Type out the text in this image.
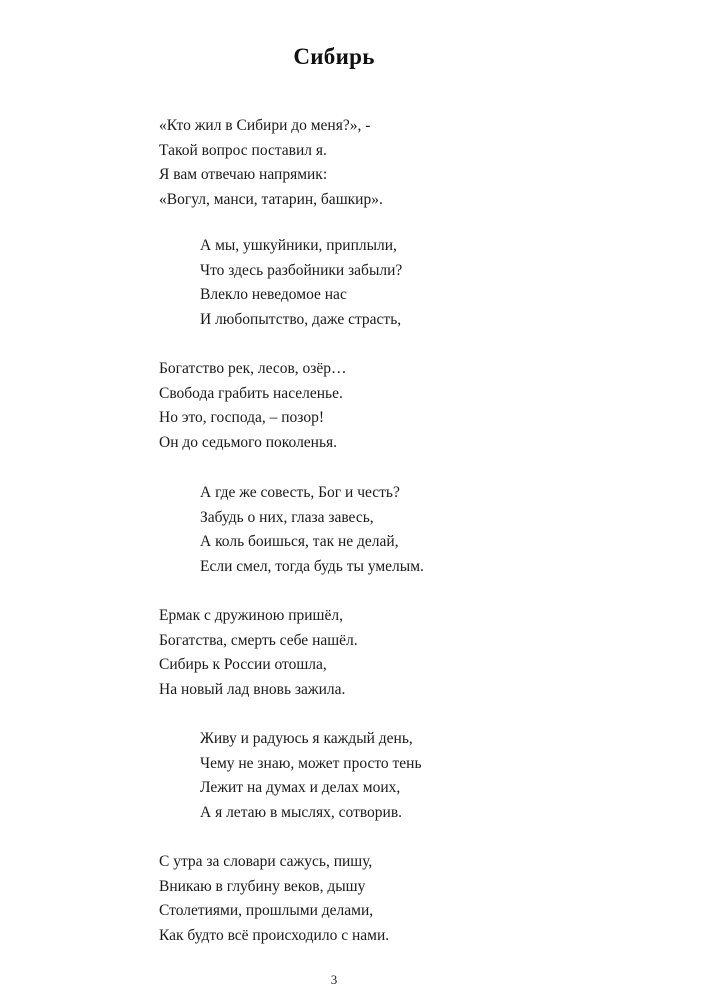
Сибирь
«Кто жил в Сибири до меня?», -
Такой вопрос поставил я.
Я вам отвечаю напрямик:
«Вогул, манси, татарин, башкир».
А мы, ушкуйники, приплыли,
Что здесь разбойники забыли?
Влекло неведомое нас
И любопытство, даже страсть,
Богатство рек, лесов, озёр…
Свобода грабить населенье.
Но это, господа, – позор!
Он до седьмого поколенья.
А где же совесть, Бог и честь?
Забудь о них, глаза завесь,
А коль боишься, так не делай,
Если смел, тогда будь ты умелым.
Ермак с дружиною пришёл,
Богатства, смерть себе нашёл.
Сибирь к России отошла,
На новый лад вновь зажила.
Живу и радуюсь я каждый день,
Чему не знаю, может просто тень
Лежит на думах и делах моих,
А я летаю в мыслях, сотворив.
С утра за словари сажусь, пишу,
Вникаю в глубину веков, дышу
Столетиями, прошлыми делами,
Как будто всё происходило с нами.
3
